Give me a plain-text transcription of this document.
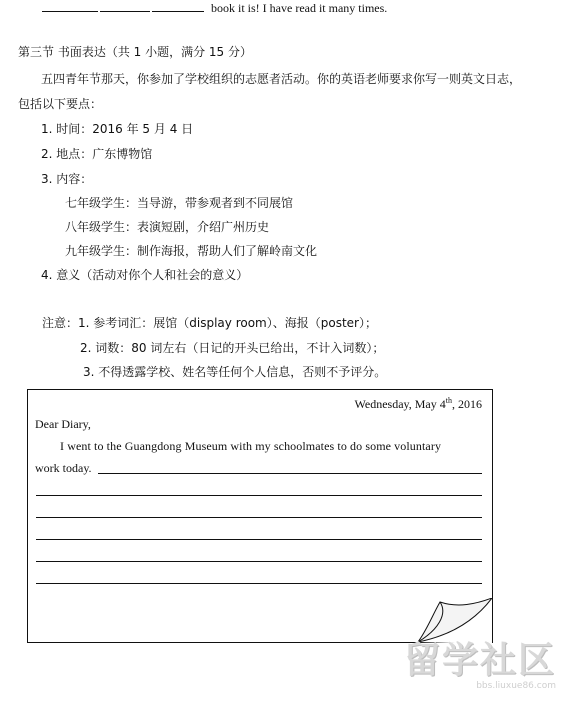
book it is! I have read it many times.
第三节 书面表达（共 1 小题，满分 15 分）
五四青年节那天，你参加了学校组织的志愿者活动。你的英语老师要求你写一则英文日志，
包括以下要点：
1. 时间：2016 年 5 月 4 日
2. 地点：广东博物馆
3. 内容：
七年级学生：当导游，带参观者到不同展馆
八年级学生：表演短剧，介绍广州历史
九年级学生：制作海报，帮助人们了解岭南文化
4. 意义（活动对你个人和社会的意义）
注意：1. 参考词汇：展馆（display room）、海报（poster）；
2. 词数：80 词左右（日记的开头已给出，不计入词数）；
3. 不得透露学校、姓名等任何个人信息，否则不予评分。
Wednesday, May 4th, 2016
Dear Diary,
I went to the Guangdong Museum with my schoolmates to do some voluntary
work today.
留学社区
bbs.liuxue86.com
